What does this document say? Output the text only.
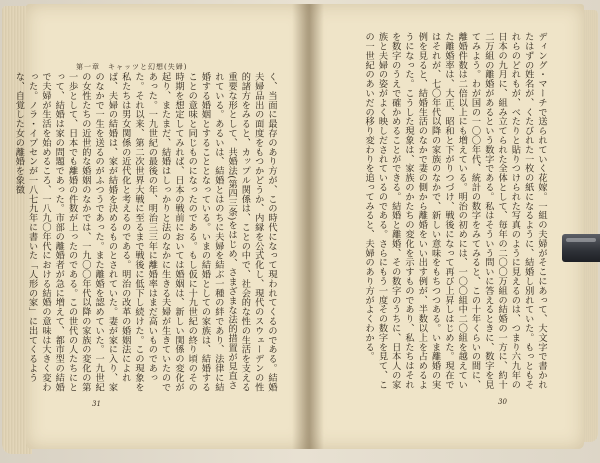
第一章　キャッツと幻想(失婦)
く、当面に最存のあり方が、この時代になって現われてくるのである。結婚夫婦品出の面度をもつかどうか、内縁を公式化し、現代のスウェーデンの性的諸方をみると、カップル関係は、ことの中で、社会的な性の生活を支える重要な形として、共婚法(第四三条)をはじめ、さまざまな法的措置が見直されている。あるいは、結婚とはのちに夫婦を結ぶ一種の絆であり、法律に結婚する婚姻とすることとなっている。いまの結婚としての家族は、結婚することの意味と同じものになったのである。もし仮に十九世紀の終り頃のその時期を想定してみれば、日本の戦前においては婚姻は、新しい関係の変化が起り、またまだ、結婚はしっかりと法のなかに生きる夫婦が生きていたのであった。一九世紀の最後の年、明治三三年に離婚率はまだ高いものであった。それ以来、第二次世界大戦に至るまで戦後に低下し続けた。この現象を私たちは男女関係の近代化と考えるのである。明治の改革の婚姻法によれば、夫婦の結婚は、家が結婚を決めるものとされていた。妻が家に入り、家のなかで一生を送るのがふつうであった。また離婚を認めていた。一九世紀の女性たちの近世的な婚姻のなかでは、一九〇〇年代以降の家族の変化の第一歩として、日本でも離婚の件数が上ったのである。この世代の人たちにとって、結婚は家の問題であった。市部の離婚者が急に増えて、都市型の結婚で夫婦が生活を始めるころ、一八九〇年代における結婚の意味は大きく変わった。ノラ・イプセンが一八七九年に書いた「人形の家」に出てくるような、自覚した女の離婚を象徴	ディング・マーチで送られていく花嫁。一組の夫婦がそこにあって、大文字で書かれたはずの姓名が、くたびれた一枚の紙になるように、結婚し別れていた。もっともそれらのどれもが、べたりと貼りつけられた写真のように見えるのは、つまり六九年の日本の九月に、組み立てられた全体として、毎年の二〇〇万組の結婚の一方に、約十二万組の離婚があるという数字である。私はそういう問いに答えるときに、数字を見てみよう。わが国の一〇〇年代、統計の数字をみてみると、この十年くらいの間に、離婚件数は二倍以上にも増えている。明治の初めには、一〇〇組中二〇組を越えていた離婚率は、大正、昭和と下がりつづけ、戦後になって再び上昇しはじめた。現在ではそれが、七〇年代以降の家族のなかで、新しい意味をもちつつある。いま離婚の実例を見ると、結婚生活のなかで妻の側から離婚をいい出す例が、半数以上を占めるようになった。こうした現象は、家族のかたちの変化を示すものであり、私たちはそれを数字のうえで確かめることができる。結婚と離婚、その数字のうちに、日本人の家族と夫婦の姿がよく映しだされているのである。さらにもう一度その数字を見て、この一世紀のあいだの移り変わりを追ってみると、夫婦のあり方がよくわかる。
31	30
